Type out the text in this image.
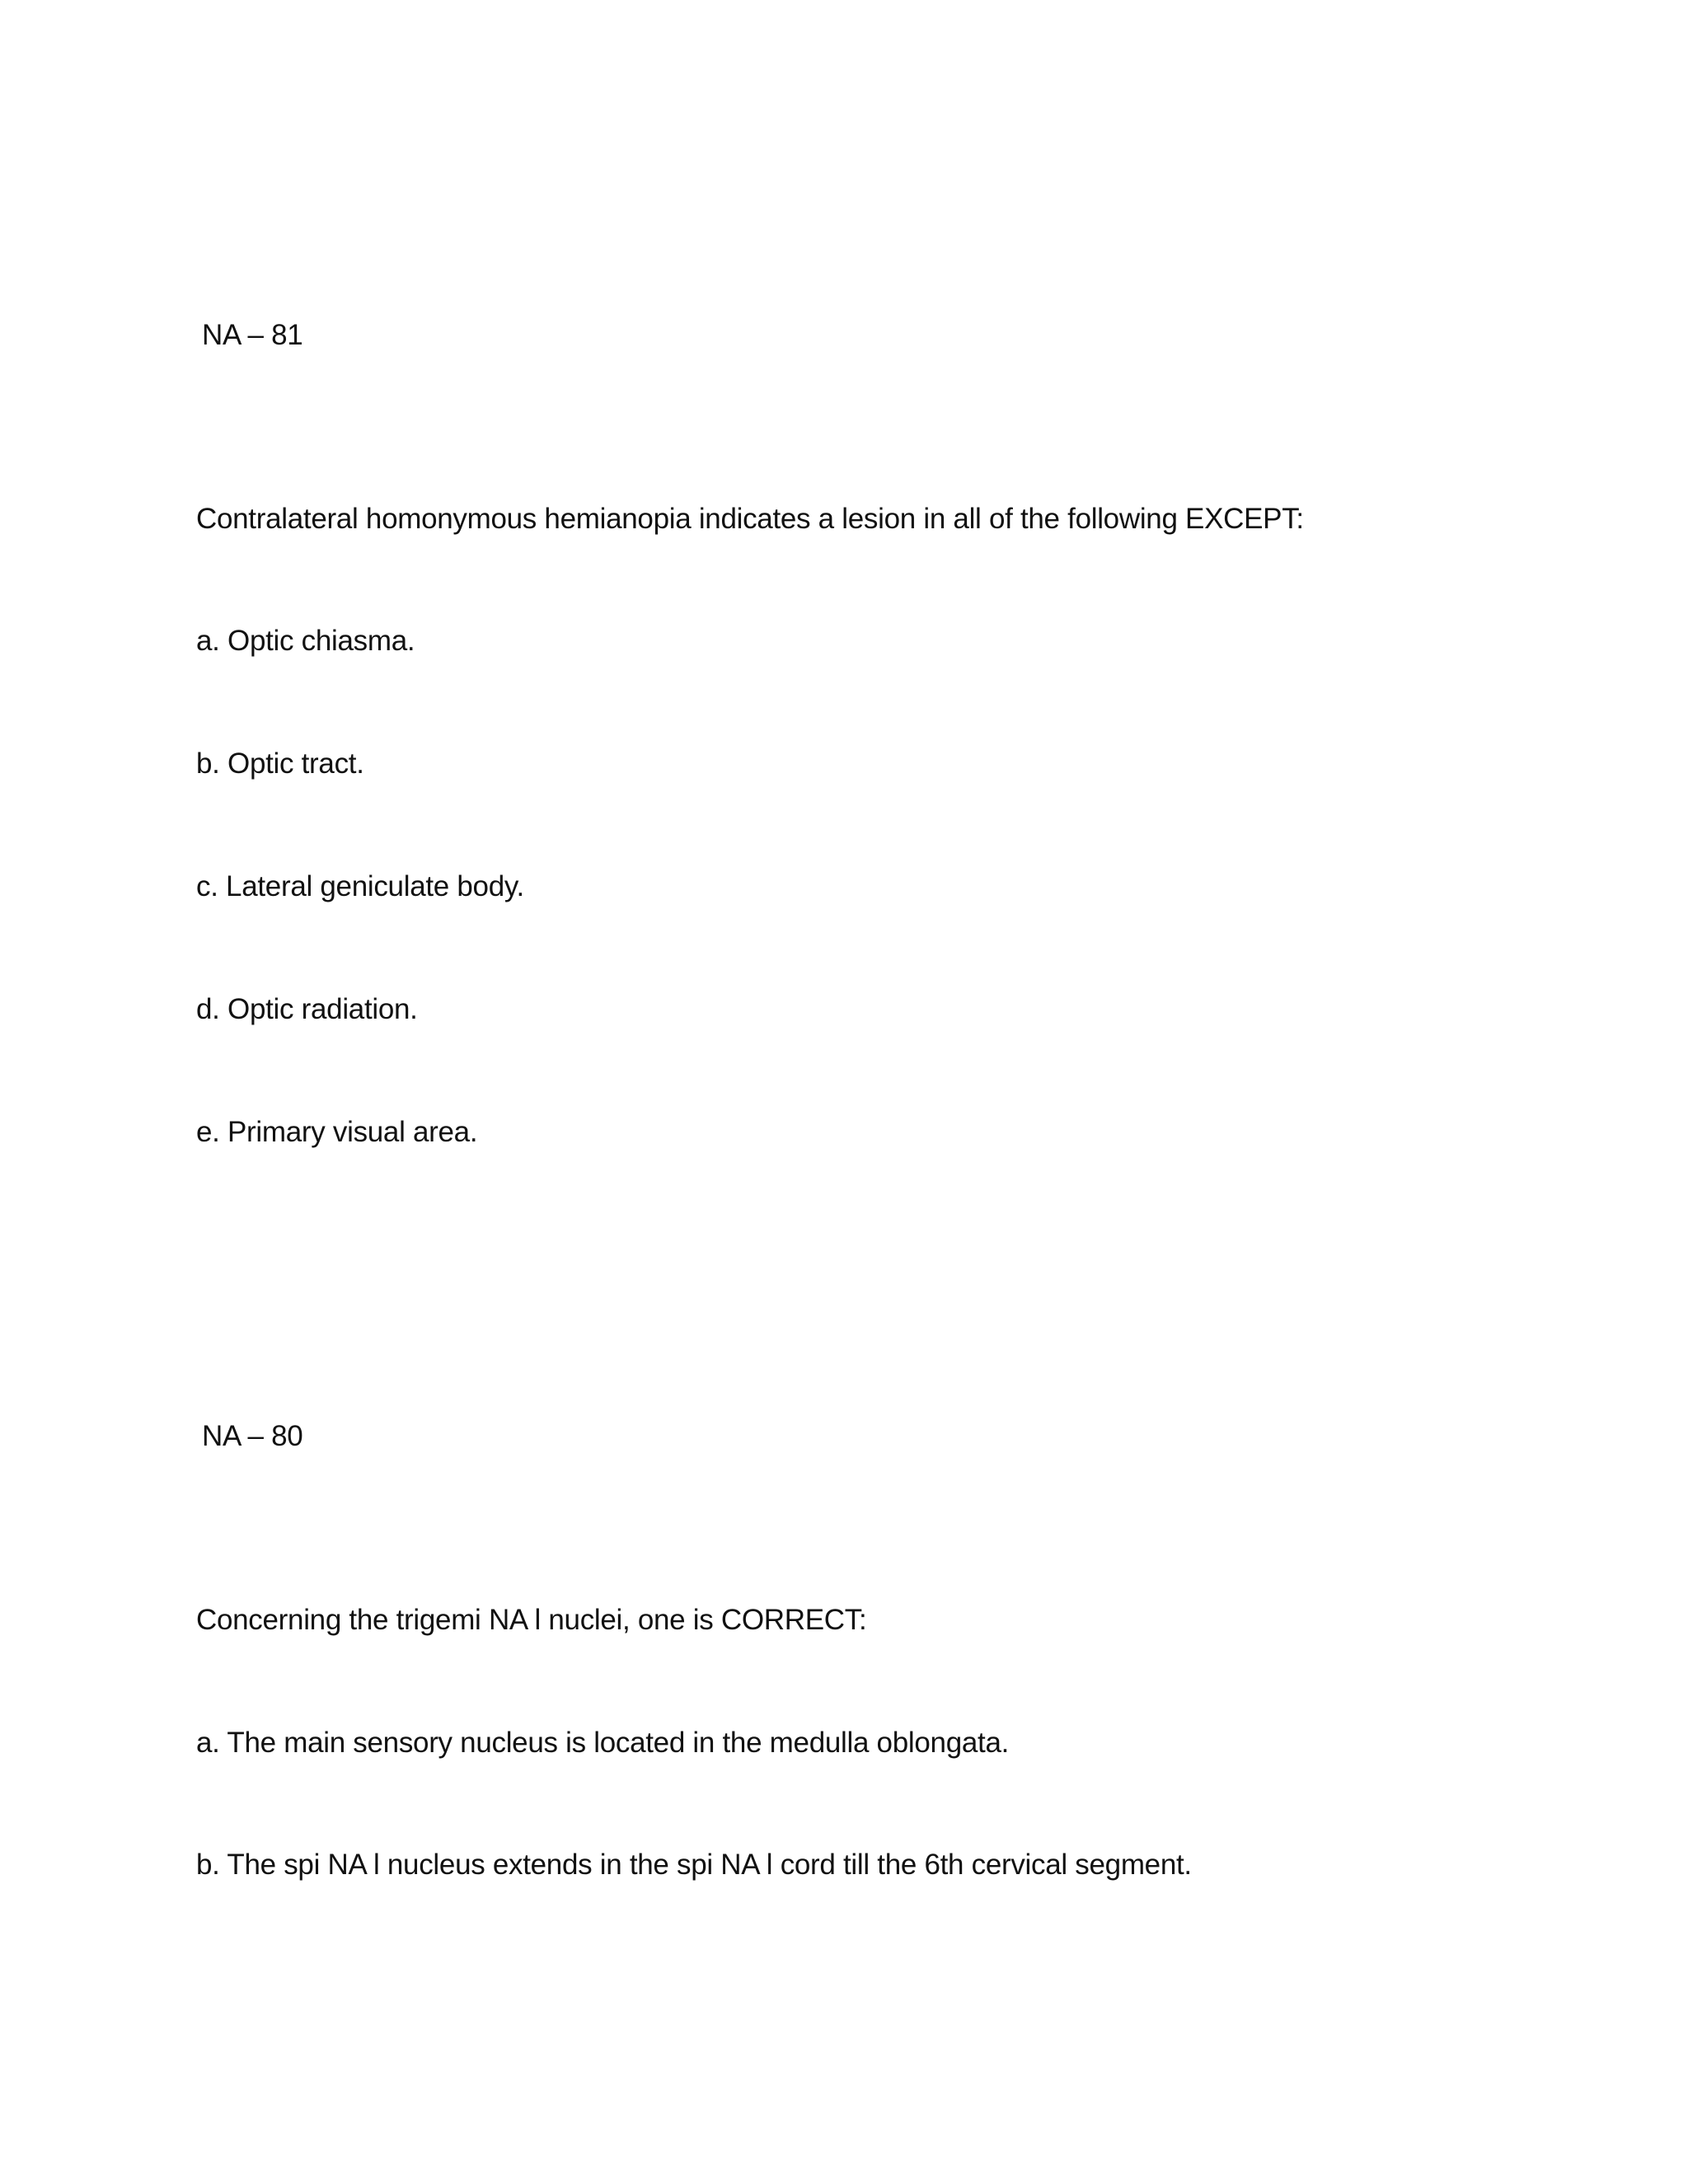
NA – 81
Contralateral homonymous hemianopia indicates a lesion in all of the following EXCEPT:
a. Optic chiasma.
b. Optic tract.
c. Lateral geniculate body.
d. Optic radiation.
e. Primary visual area.
NA – 80
Concerning the trigemi NA l nuclei, one is CORRECT:
a. The main sensory nucleus is located in the medulla oblongata.
b. The spi NA l nucleus extends in the spi NA l cord till the 6th cervical segment.
